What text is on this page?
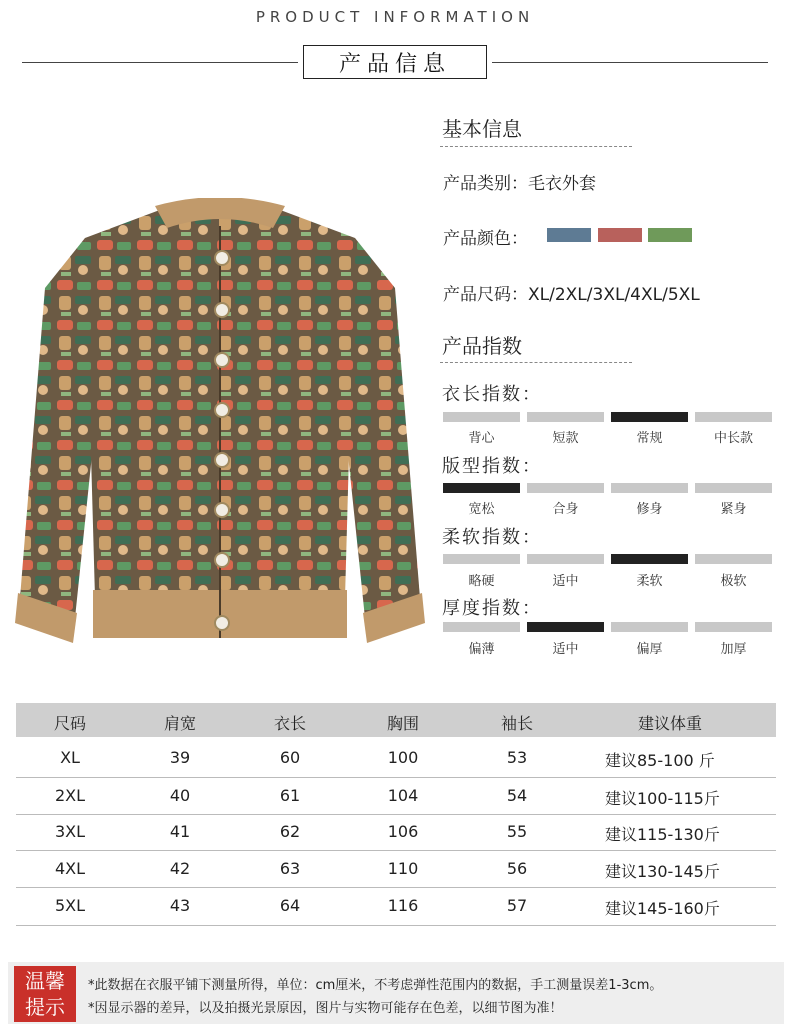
PRODUCT INFORMATION
产品信息
基本信息
产品类别：毛衣外套
产品颜色：
产品尺码：XL/2XL/3XL/4XL/5XL
产品指数
衣长指数：
背心	短款	常规	中长款
版型指数：
宽松	合身	修身	紧身
柔软指数：
略硬	适中	柔软	极软
厚度指数：
偏薄	适中	偏厚	加厚
尺码	肩宽	衣长	胸围	袖长	建议体重
XL	39	60	100	53	建议85-100 斤
2XL	40	61	104	54	建议100-115斤
3XL	41	62	106	55	建议115-130斤
4XL	42	63	110	56	建议130-145斤
5XL	43	64	116	57	建议145-160斤
温馨
提示
*此数据在衣服平铺下测量所得，单位：cm厘米，不考虑弹性范围内的数据，手工测量误差1-3cm。
*因显示器的差异，以及拍摄光景原因，图片与实物可能存在色差，以细节图为准！
